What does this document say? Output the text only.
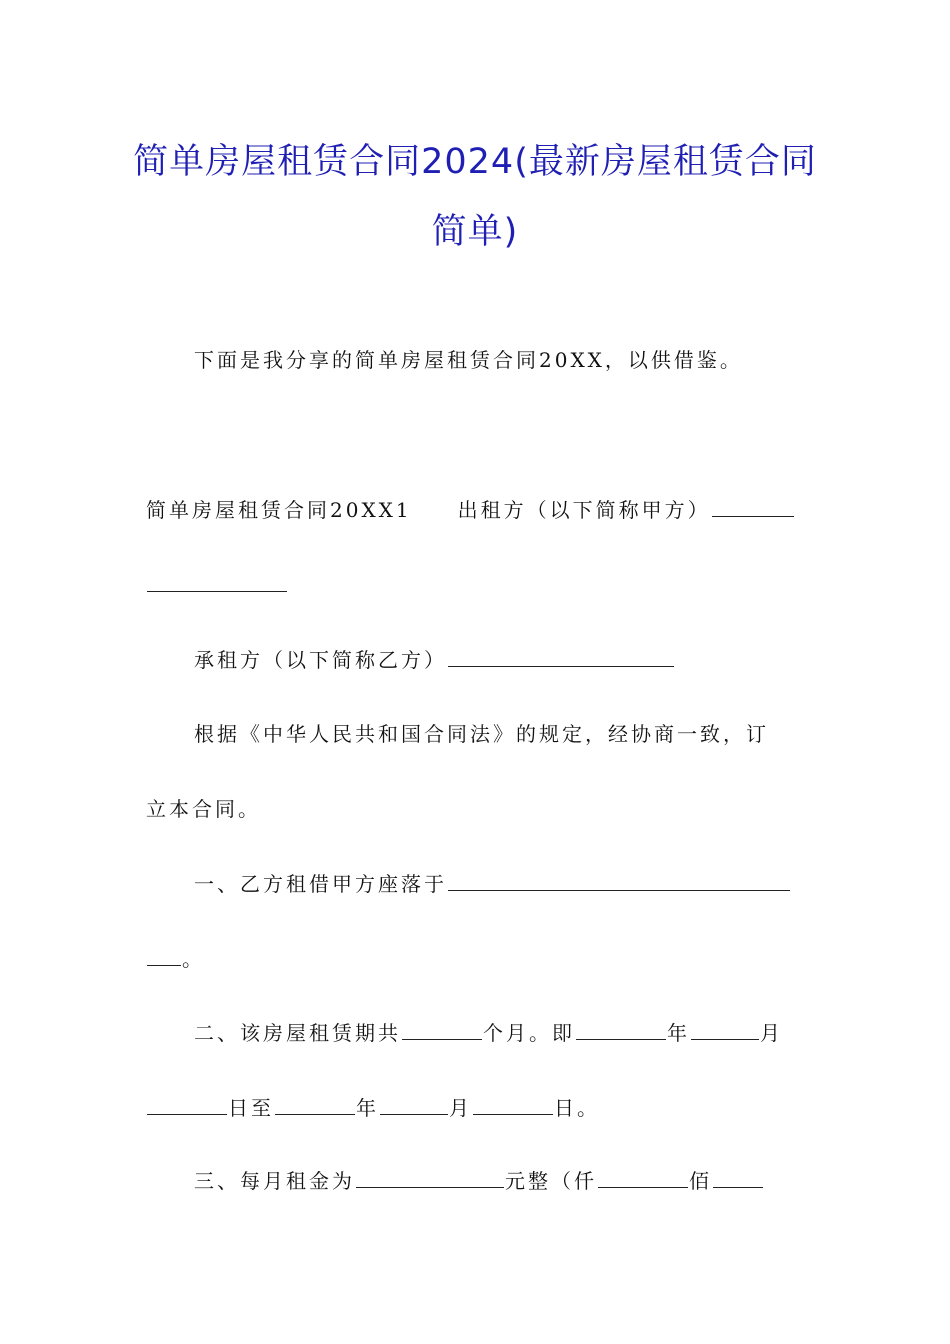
简单房屋租赁合同2024(最新房屋租赁合同
简单)
下面是我分享的简单房屋租赁合同20XX，以供借鉴。
简单房屋租赁合同20XX1 出租方（以下简称甲方）
承租方（以下简称乙方）
根据《中华人民共和国合同法》的规定，经协商一致，订
立本合同。
一、乙方租借甲方座落于
。
二、该房屋租赁期共	个月。即	年	月
日至	年	月	日。
三、每月租金为	元整（仟	佰
